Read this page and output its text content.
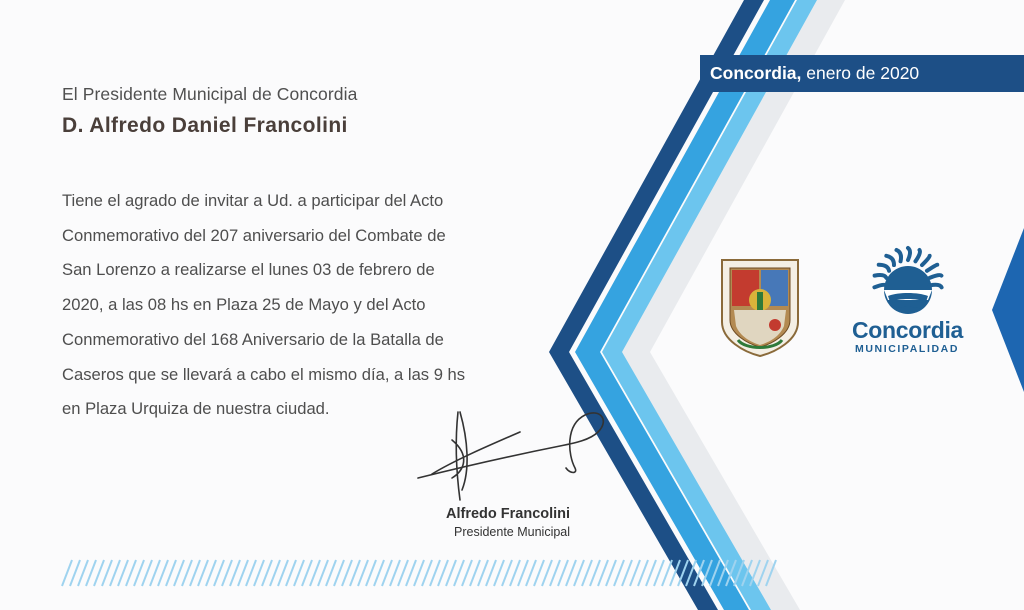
Concordia,
enero de 2020
El Presidente Municipal de Concordia
D. Alfredo Daniel Francolini
Tiene el agrado de invitar a Ud. a participar del Acto
Conmemorativo del 207 aniversario del Combate de
San Lorenzo a realizarse el lunes 03 de febrero de
2020, a las 08 hs en Plaza 25 de Mayo y del Acto
Conmemorativo del 168 Aniversario de la Batalla de
Caseros que se llevará a cabo el mismo día, a las 9 hs
en Plaza Urquiza de nuestra ciudad.
Alfredo Francolini
Presidente Municipal
Concordia
MUNICIPALIDAD
